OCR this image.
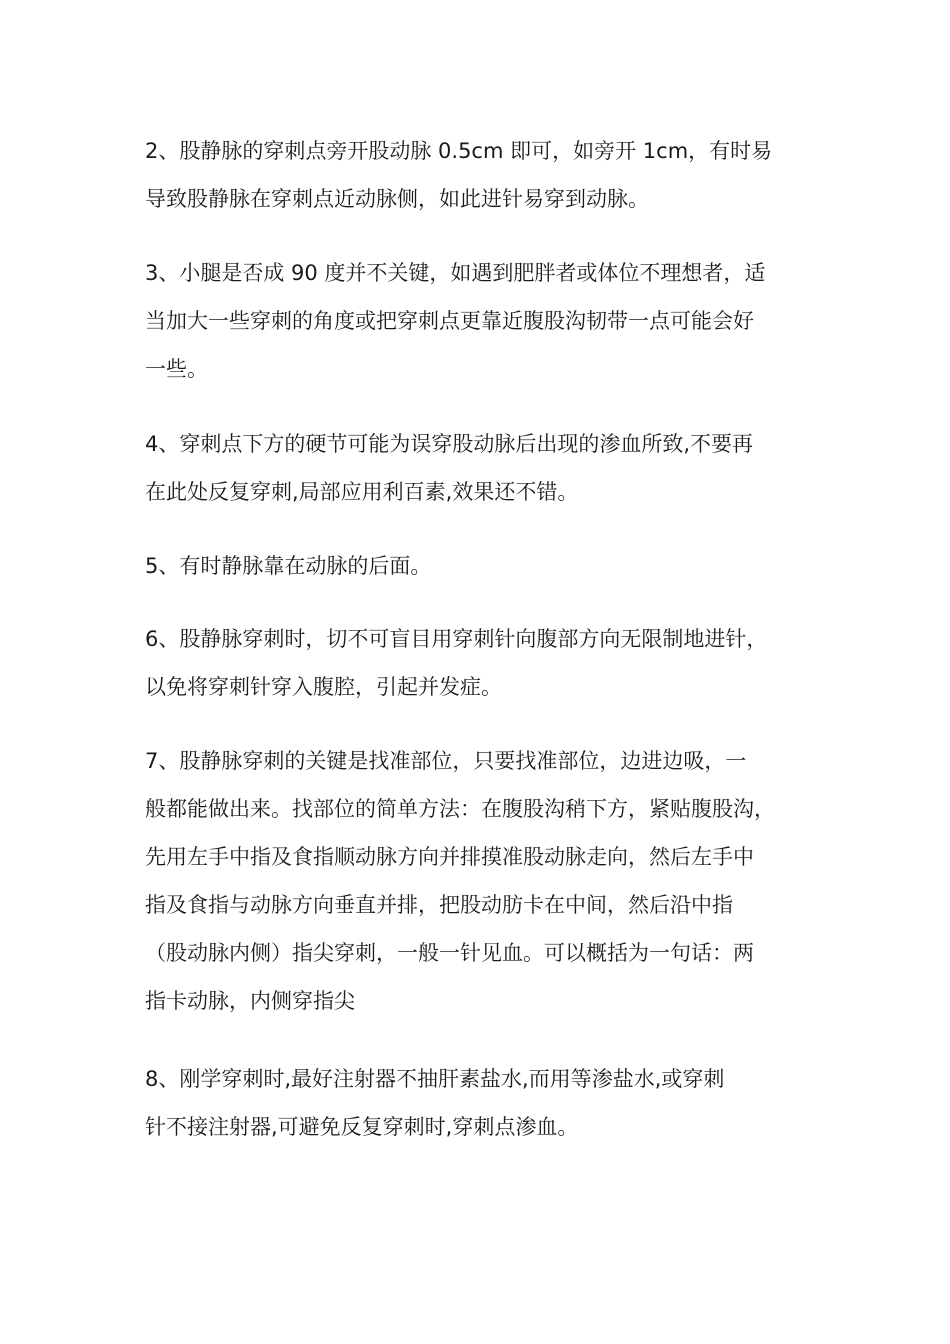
2、股静脉的穿刺点旁开股动脉 0.5cm 即可，如旁开 1cm，有时易
导致股静脉在穿刺点近动脉侧，如此进针易穿到动脉。
3、小腿是否成 90 度并不关键，如遇到肥胖者或体位不理想者，适
当加大一些穿刺的角度或把穿刺点更靠近腹股沟韧带一点可能会好
一些。
4、穿刺点下方的硬节可能为误穿股动脉后出现的渗血所致,不要再
在此处反复穿刺,局部应用利百素,效果还不错。
5、有时静脉靠在动脉的后面。
6、股静脉穿刺时，切不可盲目用穿刺针向腹部方向无限制地进针，
以免将穿刺针穿入腹腔，引起并发症。
7、股静脉穿刺的关键是找准部位，只要找准部位，边进边吸，一
般都能做出来。找部位的简单方法：在腹股沟稍下方，紧贴腹股沟，
先用左手中指及食指顺动脉方向并排摸准股动脉走向，然后左手中
指及食指与动脉方向垂直并排，把股动肪卡在中间，然后沿中指
（股动脉内侧）指尖穿刺，一般一针见血。可以概括为一句话：两
指卡动脉，内侧穿指尖
8、刚学穿刺时,最好注射器不抽肝素盐水,而用等渗盐水,或穿刺
针不接注射器,可避免反复穿刺时,穿刺点渗血。
